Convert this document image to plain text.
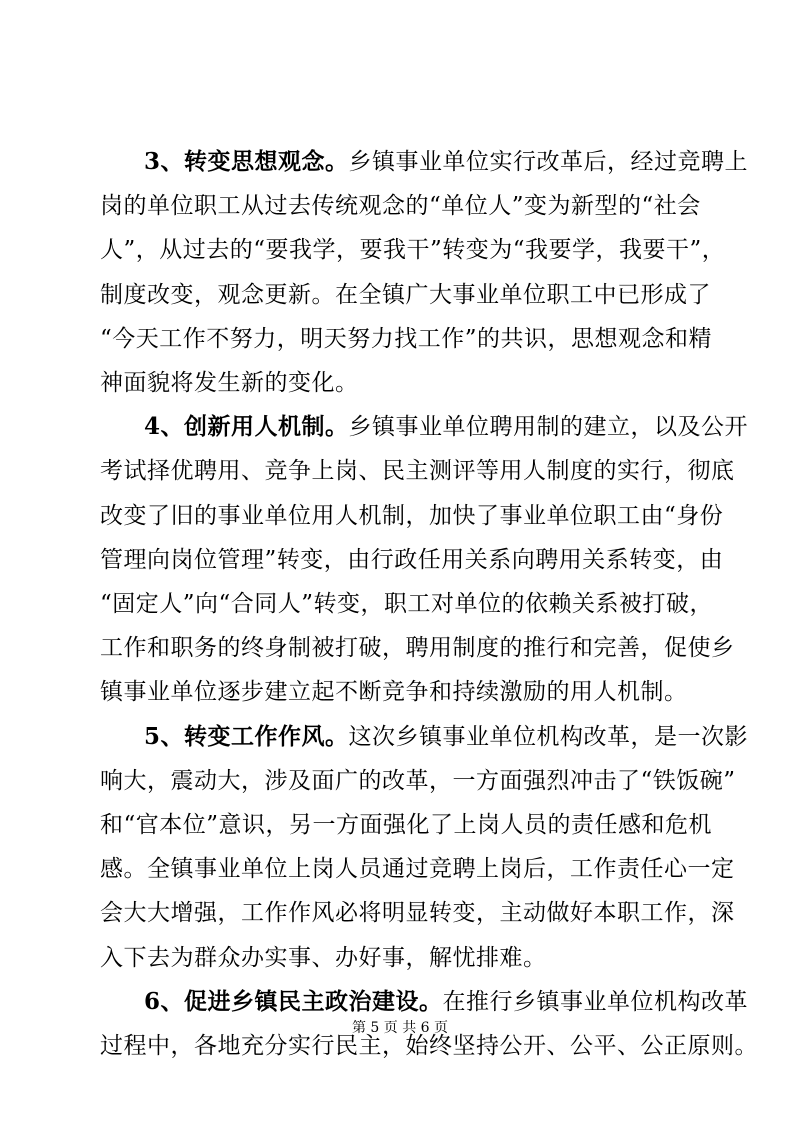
3、转变思想观念。乡镇事业单位实行改革后，经过竞聘上
岗的单位职工从过去传统观念的“单位人”变为新型的“社会
人”，从过去的“要我学，要我干”转变为“我要学，我要干”，
制度改变，观念更新。在全镇广大事业单位职工中已形成了
“今天工作不努力，明天努力找工作”的共识，思想观念和精
神面貌将发生新的变化。
4、创新用人机制。乡镇事业单位聘用制的建立，以及公开
考试择优聘用、竞争上岗、民主测评等用人制度的实行，彻底
改变了旧的事业单位用人机制，加快了事业单位职工由“身份
管理向岗位管理”转变，由行政任用关系向聘用关系转变，由
“固定人”向“合同人”转变，职工对单位的依赖关系被打破，
工作和职务的终身制被打破，聘用制度的推行和完善，促使乡
镇事业单位逐步建立起不断竞争和持续激励的用人机制。
5、转变工作作风。这次乡镇事业单位机构改革，是一次影
响大，震动大，涉及面广的改革，一方面强烈冲击了“铁饭碗”
和“官本位”意识，另一方面强化了上岗人员的责任感和危机
感。全镇事业单位上岗人员通过竞聘上岗后，工作责任心一定
会大大增强，工作作风必将明显转变，主动做好本职工作，深
入下去为群众办实事、办好事，解忧排难。
6、促进乡镇民主政治建设。在推行乡镇事业单位机构改革
过程中，各地充分实行民主，始终坚持公开、公平、公正原则。
第 5 页 共 6 页
